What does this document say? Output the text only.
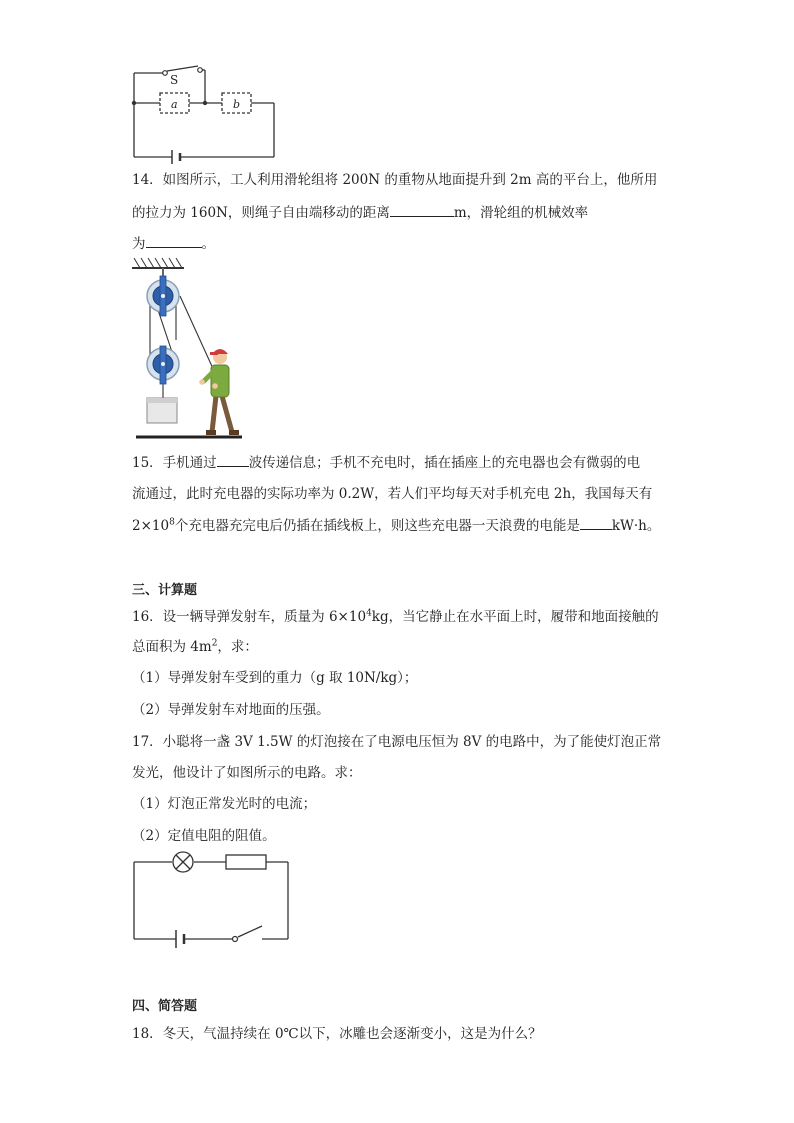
S
a	b
14．如图所示，工人利用滑轮组将 200N 的重物从地面提升到 2m 高的平台上，他所用
的拉力为 160N，则绳子自由端移动的距离	m，滑轮组的机械效率
为	。
15．手机通过 波传递信息；手机不充电时，插在插座上的充电器也会有微弱的电
流通过，此时充电器的实际功率为 0.2W，若人们平均每天对手机充电 2h，我国每天有
$2\times 10^8$个充电器充完电后仍插在插线板上，则这些充电器一天浪费的电能是 kW·h。
三、计算题
16．设一辆导弹发射车，质量为 $6\times 10^4kg$，当它静止在水平面上时，履带和地面接触的
总面积为 $4m^2$，求：
（1）导弹发射车受到的重力（g 取 10N/kg）；
（2）导弹发射车对地面的压强。
17．小聪将一盏 3V 1.5W 的灯泡接在了电源电压恒为 8V 的电路中，为了能使灯泡正常
发光，他设计了如图所示的电路。求：
（1）灯泡正常发光时的电流；
（2）定值电阻的阻值。
四、简答题
18．冬天，气温持续在 0℃以下，冰雕也会逐渐变小，这是为什么？
